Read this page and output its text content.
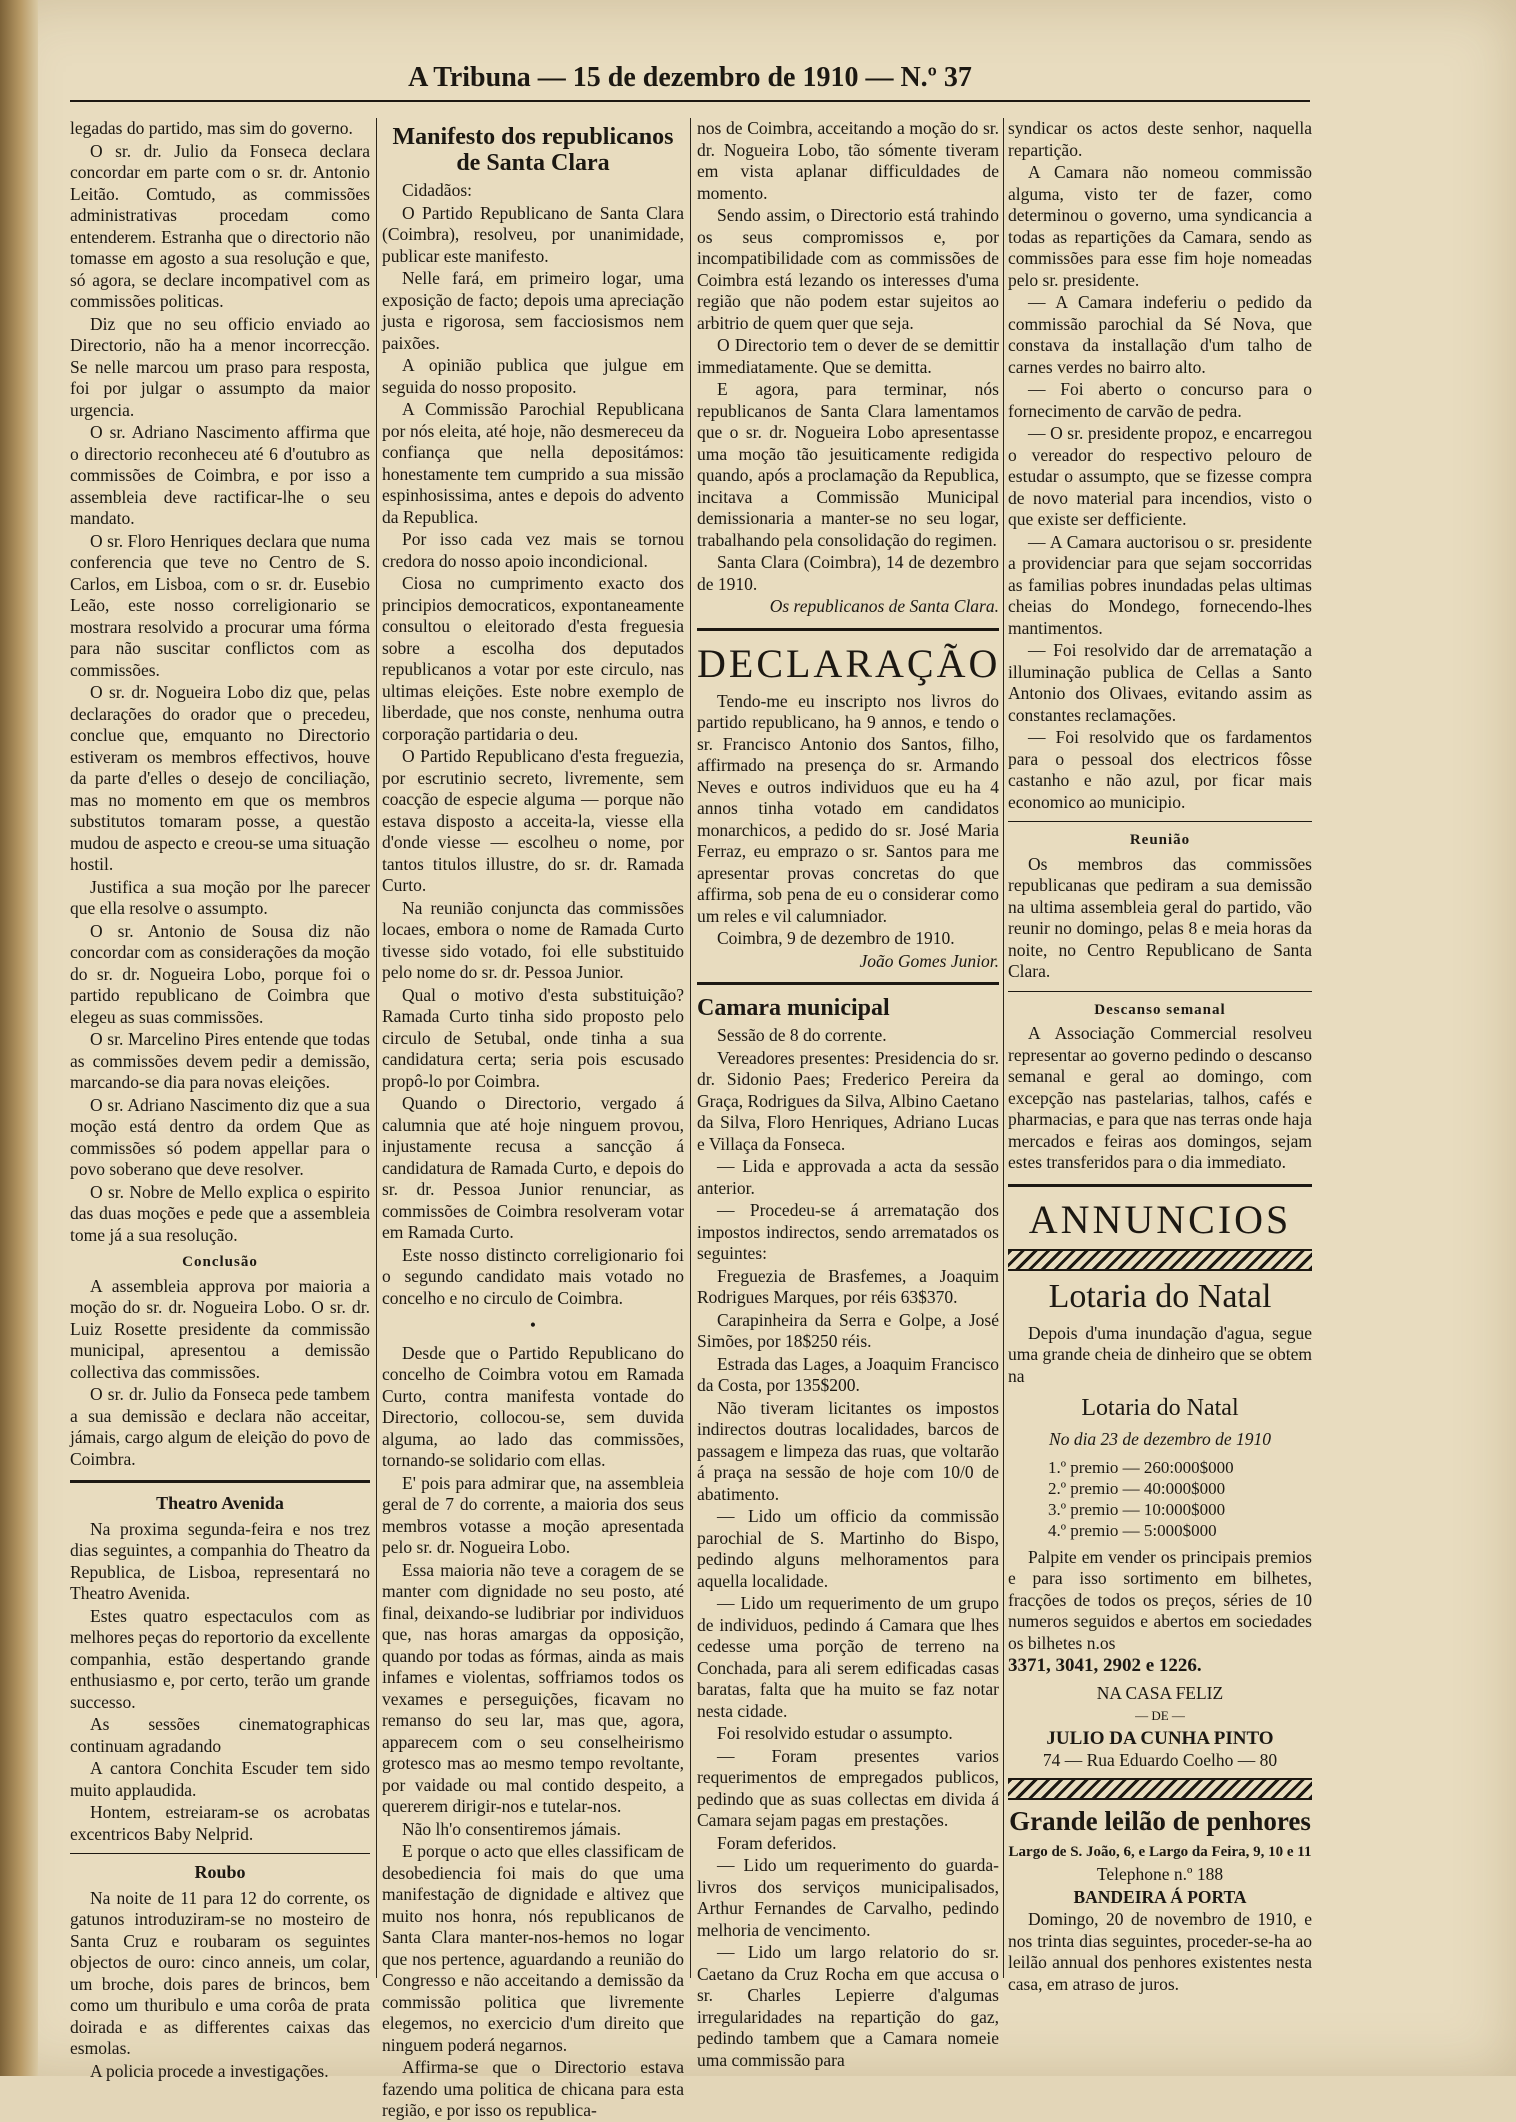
A Tribuna — 15 de dezembro de 1910 — N.º 37

legadas do partido, mas sim do governo.

O sr. dr. Julio da Fonseca declara concordar em parte com o sr. dr. Antonio Leitão. Comtudo, as commissões administrativas procedam como entenderem. Estranha que o directorio não tomasse em agosto a sua resolução e que, só agora, se declare incompativel com as commissões politicas.

Diz que no seu officio enviado ao Directorio, não ha a menor incorrecção. Se nelle marcou um praso para resposta, foi por julgar o assumpto da maior urgencia.

O sr. Adriano Nascimento affirma que o directorio reconheceu até 6 d'outubro as commissões de Coimbra, e por isso a assembleia deve ractificar-lhe o seu mandato.

O sr. Floro Henriques declara que numa conferencia que teve no Centro de S. Carlos, em Lisboa, com o sr. dr. Eusebio Leão, este nosso correligionario se mostrara resolvido a procurar uma fórma para não suscitar conflictos com as commissões.

O sr. dr. Nogueira Lobo diz que, pelas declarações do orador que o precedeu, conclue que, emquanto no Directorio estiveram os membros effectivos, houve da parte d'elles o desejo de conciliação, mas no momento em que os membros substitutos tomaram posse, a questão mudou de aspecto e creou-se uma situação hostil.

Justifica a sua moção por lhe parecer que ella resolve o assumpto.

O sr. Antonio de Sousa diz não concordar com as considerações da moção do sr. dr. Nogueira Lobo, porque foi o partido republicano de Coimbra que elegeu as suas commissões.

O sr. Marcelino Pires entende que todas as commissões devem pedir a demissão, marcando-se dia para novas eleições.

O sr. Adriano Nascimento diz que a sua moção está dentro da ordem Que as commissões só podem appellar para o povo soberano que deve resolver.

O sr. Nobre de Mello explica o espirito das duas moções e pede que a assembleia tome já a sua resolução.

Conclusão

A assembleia approva por maioria a moção do sr. dr. Nogueira Lobo. O sr. dr. Luiz Rosette presidente da commissão municipal, apresentou a demissão collectiva das commissões.

O sr. dr. Julio da Fonseca pede tambem a sua demissão e declara não acceitar, jámais, cargo algum de eleição do povo de Coimbra.

Theatro Avenida

Na proxima segunda-feira e nos trez dias seguintes, a companhia do Theatro da Republica, de Lisboa, representará no Theatro Avenida.

Estes quatro espectaculos com as melhores peças do reportorio da excellente companhia, estão despertando grande enthusiasmo e, por certo, terão um grande successo.

As sessões cinematographicas continuam agradando

A cantora Conchita Escuder tem sido muito applaudida.

Hontem, estreiaram-se os acrobatas excentricos Baby Nelprid.

Roubo

Na noite de 11 para 12 do corrente, os gatunos introduziram-se no mosteiro de Santa Cruz e roubaram os seguintes objectos de ouro: cinco anneis, um colar, um broche, dois pares de brincos, bem como um thuribulo e uma corôa de prata doirada e as differentes caixas das esmolas.

A policia procede a investigações.

Manifesto dos republicanos de Santa Clara

Cidadãos:

O Partido Republicano de Santa Clara (Coimbra), resolveu, por unanimidade, publicar este manifesto.

Nelle fará, em primeiro logar, uma exposição de facto; depois uma apreciação justa e rigorosa, sem facciosismos nem paixões.

A opinião publica que julgue em seguida do nosso proposito.

A Commissão Parochial Republicana por nós eleita, até hoje, não desmereceu da confiança que nella depositámos: honestamente tem cumprido a sua missão espinhosissima, antes e depois do advento da Republica.

Por isso cada vez mais se tornou credora do nosso apoio incondicional.

Ciosa no cumprimento exacto dos principios democraticos, expontaneamente consultou o eleitorado d'esta freguesia sobre a escolha dos deputados republicanos a votar por este circulo, nas ultimas eleições. Este nobre exemplo de liberdade, que nos conste, nenhuma outra corporação partidaria o deu.

O Partido Republicano d'esta freguezia, por escrutinio secreto, livremente, sem coacção de especie alguma — porque não estava disposto a acceita-la, viesse ella d'onde viesse — escolheu o nome, por tantos titulos illustre, do sr. dr. Ramada Curto.

Na reunião conjuncta das commissões locaes, embora o nome de Ramada Curto tivesse sido votado, foi elle substituido pelo nome do sr. dr. Pessoa Junior.

Qual o motivo d'esta substituição? Ramada Curto tinha sido proposto pelo circulo de Setubal, onde tinha a sua candidatura certa; seria pois escusado propô-lo por Coimbra.

Quando o Directorio, vergado á calumnia que até hoje ninguem provou, injustamente recusa a sancção á candidatura de Ramada Curto, e depois do sr. dr. Pessoa Junior renunciar, as commissões de Coimbra resolveram votar em Ramada Curto.

Este nosso distincto correligionario foi o segundo candidato mais votado no concelho e no circulo de Coimbra.

•

Desde que o Partido Republicano do concelho de Coimbra votou em Ramada Curto, contra manifesta vontade do Directorio, collocou-se, sem duvida alguma, ao lado das commissões, tornando-se solidario com ellas.

E' pois para admirar que, na assembleia geral de 7 do corrente, a maioria dos seus membros votasse a moção apresentada pelo sr. dr. Nogueira Lobo.

Essa maioria não teve a coragem de se manter com dignidade no seu posto, até final, deixando-se ludibriar por individuos que, nas horas amargas da opposição, quando por todas as fórmas, ainda as mais infames e violentas, soffriamos todos os vexames e perseguições, ficavam no remanso do seu lar, mas que, agora, apparecem com o seu conselheirismo grotesco mas ao mesmo tempo revoltante, por vaidade ou mal contido despeito, a quererem dirigir-nos e tutelar-nos.

Não lh'o consentiremos jámais.

E porque o acto que elles classificam de desobediencia foi mais do que uma manifestação de dignidade e altivez que muito nos honra, nós republicanos de Santa Clara manter-nos-hemos no logar que nos pertence, aguardando a reunião do Congresso e não acceitando a demissão da commissão politica que livremente elegemos, no exercicio d'um direito que ninguem poderá negarnos.

Affirma-se que o Directorio estava fazendo uma politica de chicana para esta região, e por isso os republica-

nos de Coimbra, acceitando a moção do sr. dr. Nogueira Lobo, tão sómente tiveram em vista aplanar difficuldades de momento.

Sendo assim, o Directorio está trahindo os seus compromissos e, por incompatibilidade com as commissões de Coimbra está lezando os interesses d'uma região que não podem estar sujeitos ao arbitrio de quem quer que seja.

O Directorio tem o dever de se demittir immediatamente. Que se demitta.

E agora, para terminar, nós republicanos de Santa Clara lamentamos que o sr. dr. Nogueira Lobo apresentasse uma moção tão jesuiticamente redigida quando, após a proclamação da Republica, incitava a Commissão Municipal demissionaria a manter-se no seu logar, trabalhando pela consolidação do regimen.

Santa Clara (Coimbra), 14 de dezembro de 1910.

Os republicanos de Santa Clara.

DECLARAÇÃO

Tendo-me eu inscripto nos livros do partido republicano, ha 9 annos, e tendo o sr. Francisco Antonio dos Santos, filho, affirmado na presença do sr. Armando Neves e outros individuos que eu ha 4 annos tinha votado em candidatos monarchicos, a pedido do sr. José Maria Ferraz, eu emprazo o sr. Santos para me apresentar provas concretas do que affirma, sob pena de eu o considerar como um reles e vil calumniador.

Coimbra, 9 de dezembro de 1910.

João Gomes Junior.

Camara municipal

Sessão de 8 do corrente.

Vereadores presentes: Presidencia do sr. dr. Sidonio Paes; Frederico Pereira da Graça, Rodrigues da Silva, Albino Caetano da Silva, Floro Henriques, Adriano Lucas e Villaça da Fonseca.

— Lida e approvada a acta da sessão anterior.

— Procedeu-se á arrematação dos impostos indirectos, sendo arrematados os seguintes:

Freguezia de Brasfemes, a Joaquim Rodrigues Marques, por réis 63$370.

Carapinheira da Serra e Golpe, a José Simões, por 18$250 réis.

Estrada das Lages, a Joaquim Francisco da Costa, por 135$200.

Não tiveram licitantes os impostos indirectos doutras localidades, barcos de passagem e limpeza das ruas, que voltarão á praça na sessão de hoje com 10/0 de abatimento.

— Lido um officio da commissão parochial de S. Martinho do Bispo, pedindo alguns melhoramentos para aquella localidade.

— Lido um requerimento de um grupo de individuos, pedindo á Camara que lhes cedesse uma porção de terreno na Conchada, para ali serem edificadas casas baratas, falta que ha muito se faz notar nesta cidade.

Foi resolvido estudar o assumpto.

— Foram presentes varios requerimentos de empregados publicos, pedindo que as suas collectas em divida á Camara sejam pagas em prestações.

Foram deferidos.

— Lido um requerimento do guarda-livros dos serviços municipalisados, Arthur Fernandes de Carvalho, pedindo melhoria de vencimento.

— Lido um largo relatorio do sr. Caetano da Cruz Rocha em que accusa o sr. Charles Lepierre d'algumas irregularidades na repartição do gaz, pedindo tambem que a Camara nomeie uma commissão para

syndicar os actos deste senhor, naquella repartição.

A Camara não nomeou commissão alguma, visto ter de fazer, como determinou o governo, uma syndicancia a todas as repartições da Camara, sendo as commissões para esse fim hoje nomeadas pelo sr. presidente.

— A Camara indeferiu o pedido da commissão parochial da Sé Nova, que constava da installação d'um talho de carnes verdes no bairro alto.

— Foi aberto o concurso para o fornecimento de carvão de pedra.

— O sr. presidente propoz, e encarregou o vereador do respectivo pelouro de estudar o assumpto, que se fizesse compra de novo material para incendios, visto o que existe ser defficiente.

— A Camara auctorisou o sr. presidente a providenciar para que sejam soccorridas as familias pobres inundadas pelas ultimas cheias do Mondego, fornecendo-lhes mantimentos.

— Foi resolvido dar de arrematação a illuminação publica de Cellas a Santo Antonio dos Olivaes, evitando assim as constantes reclamações.

— Foi resolvido que os fardamentos para o pessoal dos electricos fôsse castanho e não azul, por ficar mais economico ao municipio.

Reunião

Os membros das commissões republicanas que pediram a sua demissão na ultima assembleia geral do partido, vão reunir no domingo, pelas 8 e meia horas da noite, no Centro Republicano de Santa Clara.

Descanso semanal

A Associação Commercial resolveu representar ao governo pedindo o descanso semanal e geral ao domingo, com excepção nas pastelarias, talhos, cafés e pharmacias, e para que nas terras onde haja mercados e feiras aos domingos, sejam estes transferidos para o dia immediato.

ANNUNCIOS
Lotaria do Natal

Depois d'uma inundação d'agua, segue uma grande cheia de dinheiro que se obtem na

Lotaria do Natal

No dia 23 de dezembro de 1910

1.º premio — 260:000$000
2.º premio — 40:000$000
3.º premio — 10:000$000
4.º premio — 5:000$000

Palpite em vender os principais premios e para isso sortimento em bilhetes, fracções de todos os preços, séries de 10 numeros seguidos e abertos em sociedades os bilhetes n.os

3371, 3041, 2902 e 1226.

NA CASA FELIZ

— DE —

JULIO DA CUNHA PINTO

74 — Rua Eduardo Coelho — 80

Grande leilão de penhores

Largo de S. João, 6, e Largo da Feira, 9, 10 e 11

Telephone n.º 188

BANDEIRA Á PORTA

Domingo, 20 de novembro de 1910, e nos trinta dias seguintes, proceder-se-ha ao leilão annual dos penhores existentes nesta casa, em atraso de juros.
